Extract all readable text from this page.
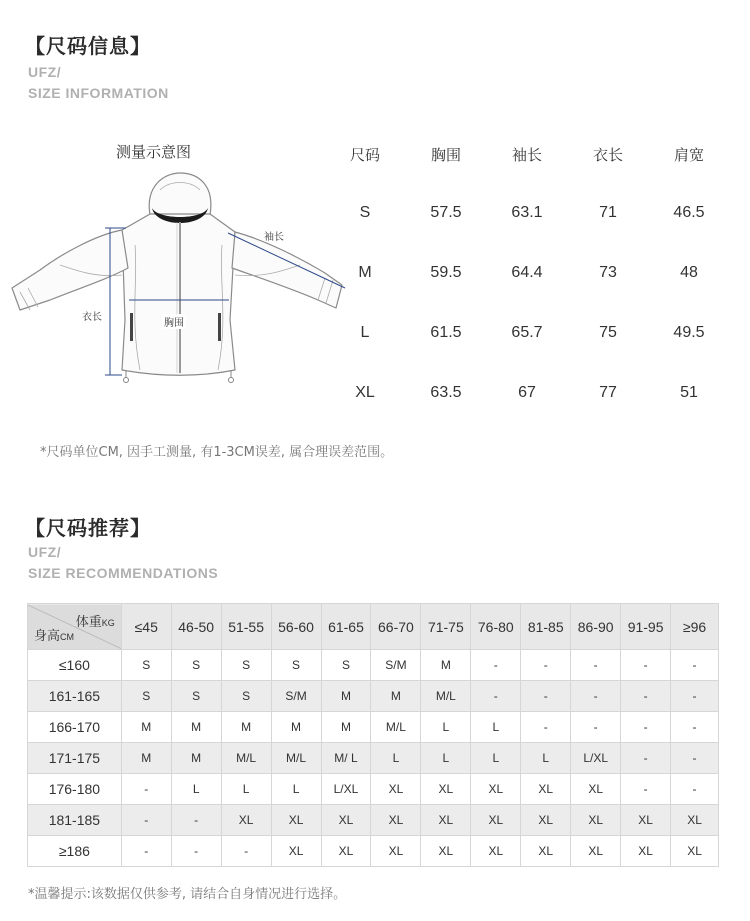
【尺码信息】
UFZ/
SIZE INFORMATION
测量示意图
袖长
衣长
胸围
尺码	胸围	袖长	衣长	肩宽
S	57.5	63.1	71	46.5
M	59.5	64.4	73	48
L	61.5	65.7	75	49.5
XL	63.5	67	77	51
*尺码单位CM, 因手工测量, 有1-3CM误差, 属合理误差范围。
【尺码推荐】
UFZ/
SIZE RECOMMENDATIONS
体重KG
身高CM	≤45	46-50	51-55	56-60	61-65	66-70	71-75	76-80	81-85	86-90	91-95	≥96
≤160	S	S	S	S	S	S/M	M	-	-	-	-	-
161-165	S	S	S	S/M	M	M	M/L	-	-	-	-	-
166-170	M	M	M	M	M	M/L	L	L	-	-	-	-
171-175	M	M	M/L	M/L	M/ L	L	L	L	L	L/XL	-	-
176-180	-	L	L	L	L/XL	XL	XL	XL	XL	XL	-	-
181-185	-	-	XL	XL	XL	XL	XL	XL	XL	XL	XL	XL
≥186	-	-	-	XL	XL	XL	XL	XL	XL	XL	XL	XL
*温馨提示:该数据仅供参考, 请结合自身情况进行选择。
